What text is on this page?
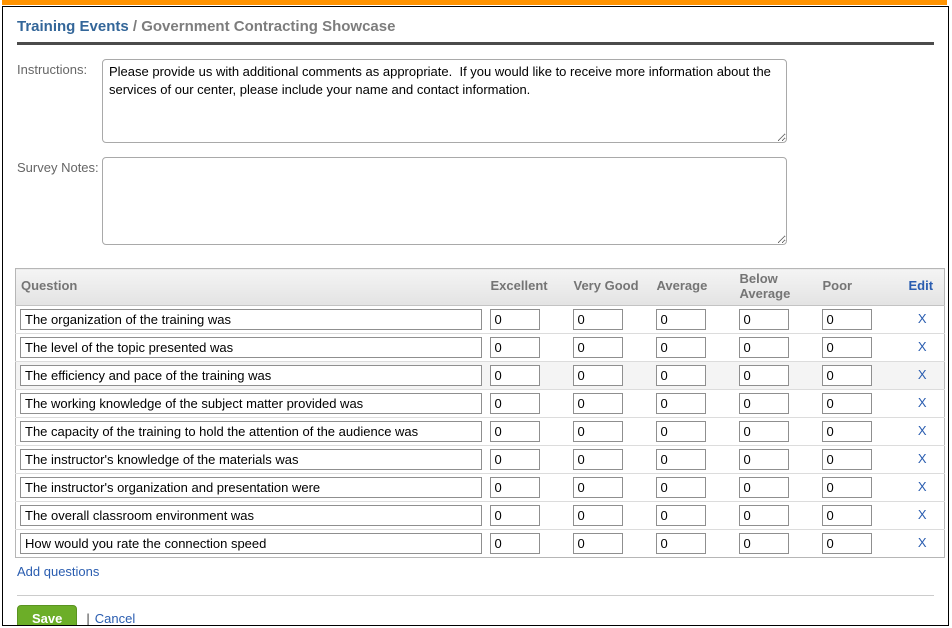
Training Events / Government Contracting Showcase
Instructions:
Please provide us with additional comments as appropriate. If you would like to receive more information about the services of our center, please include your name and contact information.
Survey Notes:
Question	Excellent	Very Good	Average	Below Average	Poor	Edit
The organization of the training was	0	0	0	0	0	X
The level of the topic presented was	0	0	0	0	0	X
The efficiency and pace of the training was	0	0	0	0	0	X
The working knowledge of the subject matter provided was	0	0	0	0	0	X
The capacity of the training to hold the attention of the audience was	0	0	0	0	0	X
The instructor's knowledge of the materials was	0	0	0	0	0	X
The instructor's organization and presentation were	0	0	0	0	0	X
The overall classroom environment was	0	0	0	0	0	X
How would you rate the connection speed	0	0	0	0	0	X
Add questions
Save	| Cancel
